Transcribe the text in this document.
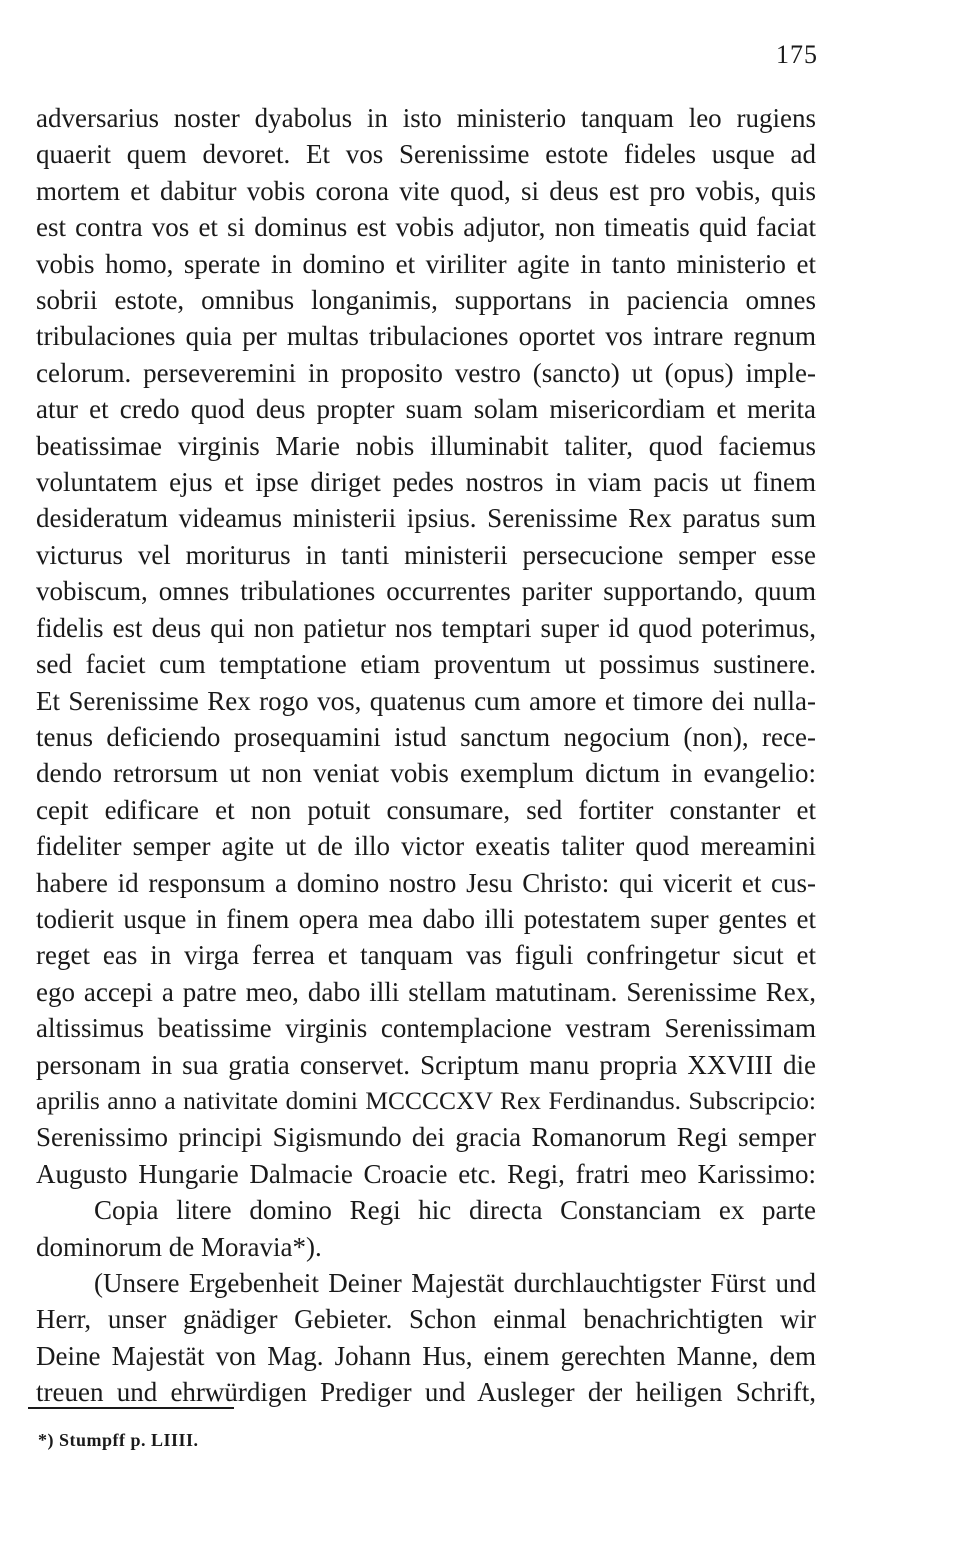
175
adversarius noster dyabolus in isto ministerio tanquam leo rugiens
quaerit quem devoret. Et vos Serenissime estote fideles usque ad
mortem et dabitur vobis corona vite quod, si deus est pro vobis, quis
est contra vos et si dominus est vobis adjutor, non timeatis quid faciat
vobis homo, sperate in domino et viriliter agite in tanto ministerio et
sobrii estote, omnibus longanimis, supportans in paciencia omnes
tribulaciones quia per multas tribulaciones oportet vos intrare regnum
celorum. perseveremini in proposito vestro (sancto) ut (opus) imple-
atur et credo quod deus propter suam solam misericordiam et merita
beatissimae virginis Marie nobis illuminabit taliter, quod faciemus
voluntatem ejus et ipse diriget pedes nostros in viam pacis ut finem
desideratum videamus ministerii ipsius. Serenissime Rex paratus sum
victurus vel moriturus in tanti ministerii persecucione semper esse
vobiscum, omnes tribulationes occurrentes pariter supportando, quum
fidelis est deus qui non patietur nos temptari super id quod poterimus,
sed faciet cum temptatione etiam proventum ut possimus sustinere.
Et Serenissime Rex rogo vos, quatenus cum amore et timore dei nulla-
tenus deficiendo prosequamini istud sanctum negocium (non), rece-
dendo retrorsum ut non veniat vobis exemplum dictum in evangelio:
cepit edificare et non potuit consumare, sed fortiter constanter et
fideliter semper agite ut de illo victor exeatis taliter quod mereamini
habere id responsum a domino nostro Jesu Christo: qui vicerit et cus-
todierit usque in finem opera mea dabo illi potestatem super gentes et
reget eas in virga ferrea et tanquam vas figuli confringetur sicut et
ego accepi a patre meo, dabo illi stellam matutinam. Serenissime Rex,
altissimus beatissime virginis contemplacione vestram Serenissimam
personam in sua gratia conservet. Scriptum manu propria XXVIII die
aprilis anno a nativitate domini MCCCCXV Rex Ferdinandus. Subscripcio:
Serenissimo principi Sigismundo dei gracia Romanorum Regi semper
Augusto Hungarie Dalmacie Croacie etc. Regi, fratri meo Karissimo:
Copia litere domino Regi hic directa Constanciam ex parte
dominorum de Moravia*).
(Unsere Ergebenheit Deiner Majestät durchlauchtigster Fürst und
Herr, unser gnädiger Gebieter. Schon einmal benachrichtigten wir
Deine Majestät von Mag. Johann Hus, einem gerechten Manne, dem
treuen und ehrwürdigen Prediger und Ausleger der heiligen Schrift,
*) Stumpff p. LIIII.
